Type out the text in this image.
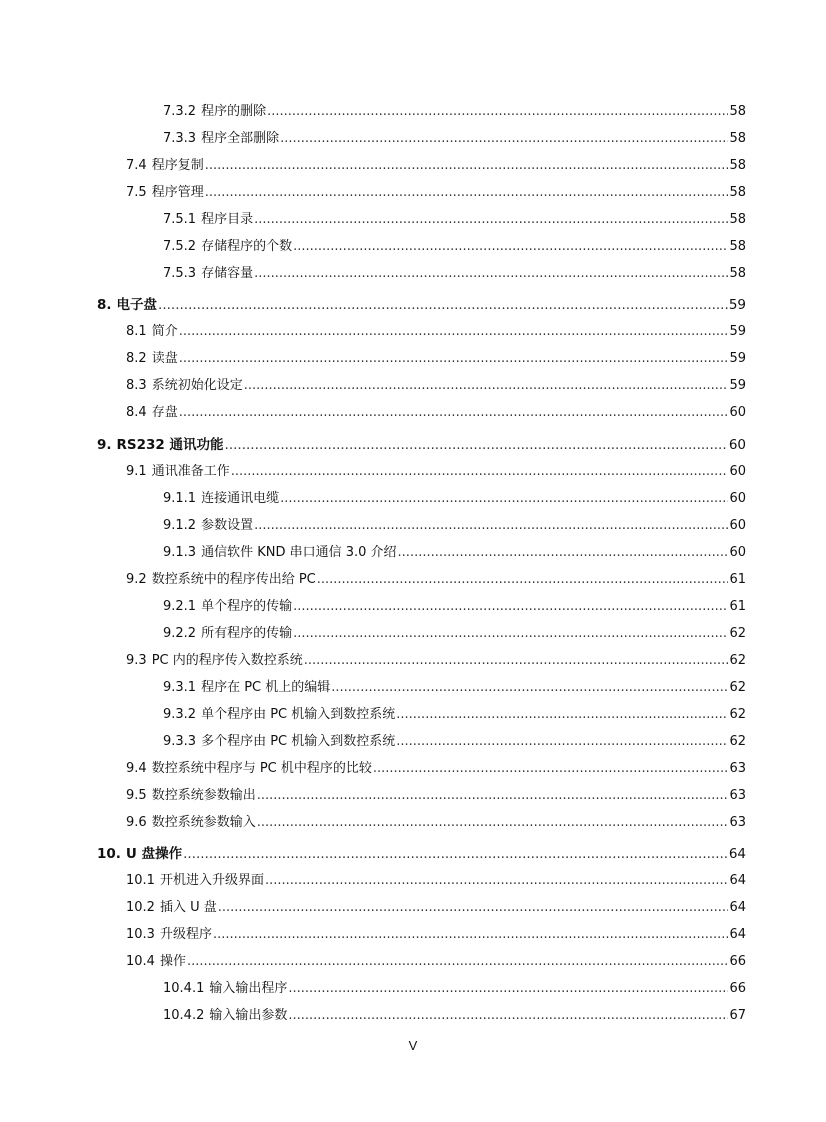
7.3.2 程序的删除 .....	58
7.3.3 程序全部删除 .....	58
7.4 程序复制 .....	58
7.5 程序管理 .....	58
7.5.1 程序目录 .....	58
7.5.2 存储程序的个数 .....	58
7.5.3 存储容量 .....	58
8. 电子盘 .....	59
8.1 简介 .....	59
8.2 读盘 .....	59
8.3 系统初始化设定 .....	59
8.4 存盘 .....	60
9. RS232 通讯功能 .....	60
9.1 通讯准备工作 .....	60
9.1.1 连接通讯电缆 .....	60
9.1.2 参数设置 .....	60
9.1.3 通信软件 KND 串口通信 3.0 介绍 .....	60
9.2 数控系统中的程序传出给 PC .....	61
9.2.1 单个程序的传输 .....	61
9.2.2 所有程序的传输 .....	62
9.3 PC 内的程序传入数控系统 .....	62
9.3.1 程序在 PC 机上的编辑 .....	62
9.3.2 单个程序由 PC 机输入到数控系统 .....	62
9.3.3 多个程序由 PC 机输入到数控系统 .....	62
9.4 数控系统中程序与 PC 机中程序的比较 .....	63
9.5 数控系统参数输出 .....	63
9.6 数控系统参数输入 .....	63
10. U 盘操作 .....	64
10.1 开机进入升级界面 .....	64
10.2 插入 U 盘 .....	64
10.3 升级程序 .....	64
10.4 操作 .....	66
10.4.1 输入输出程序 .....	66
10.4.2 输入输出参数 .....	67
V
